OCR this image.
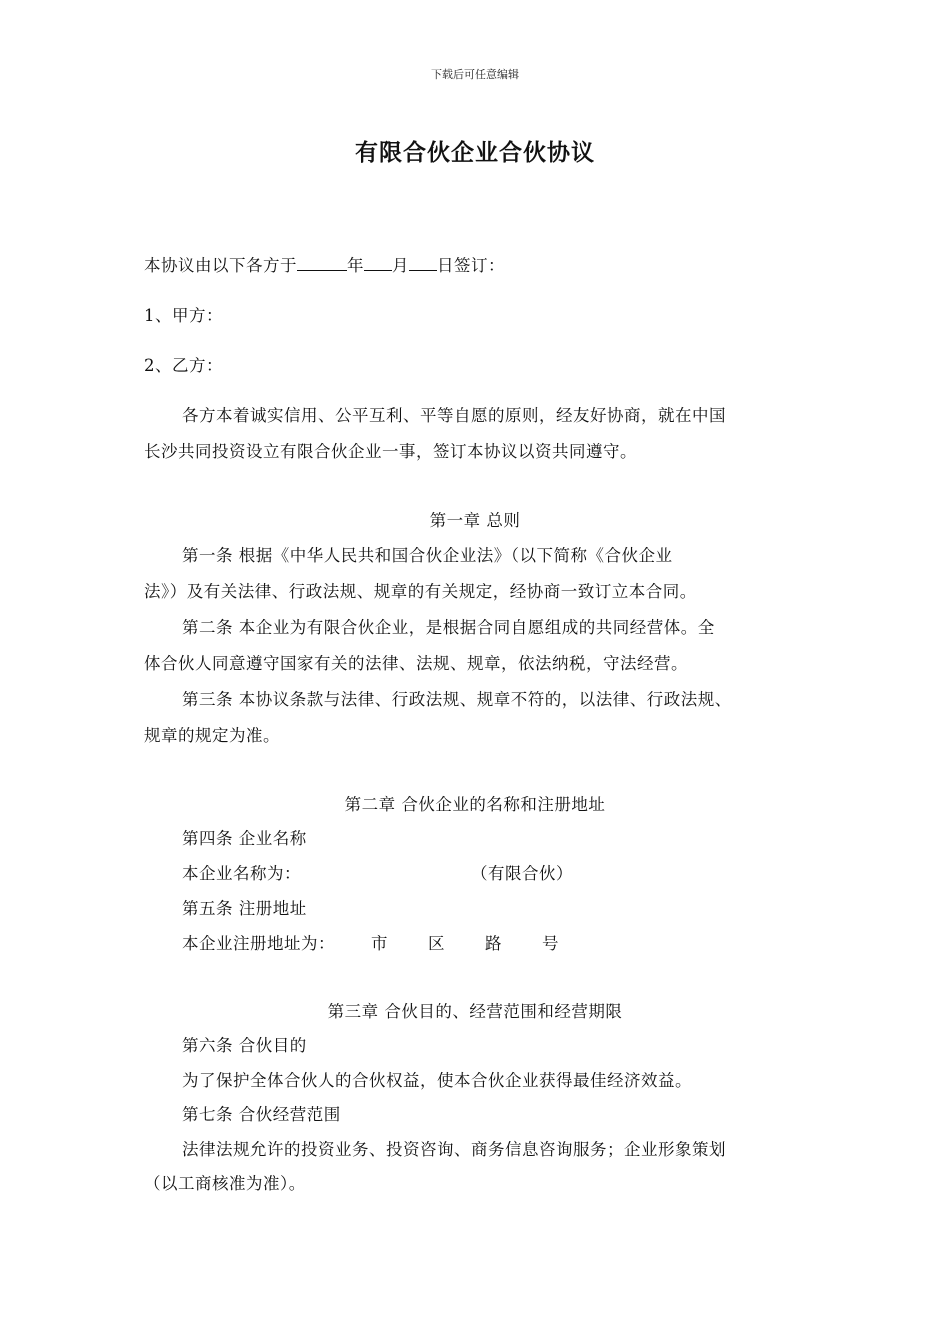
下载后可任意编辑
有限合伙企业合伙协议
本协议由以下各方于	年 月 日签订：
1、甲方：
2、乙方：
各方本着诚实信用、公平互利、平等自愿的原则，经友好协商，就在中国
长沙共同投资设立有限合伙企业一事，签订本协议以资共同遵守。
第一章 总则
第一条 根据《中华人民共和国合伙企业法》（以下简称《合伙企业
法》）及有关法律、行政法规、规章的有关规定，经协商一致订立本合同。
第二条 本企业为有限合伙企业，是根据合同自愿组成的共同经营体。全
体合伙人同意遵守国家有关的法律、法规、规章，依法纳税，守法经营。
第三条 本协议条款与法律、行政法规、规章不符的，以法律、行政法规、
规章的规定为准。
第二章 合伙企业的名称和注册地址
第四条 企业名称
本企业名称为：	（有限合伙）
第五条 注册地址
本企业注册地址为： 市 区 路 号
第三章 合伙目的、经营范围和经营期限
第六条 合伙目的
为了保护全体合伙人的合伙权益，使本合伙企业获得最佳经济效益。
第七条 合伙经营范围
法律法规允许的投资业务、投资咨询、商务信息咨询服务；企业形象策划
（以工商核准为准）。
